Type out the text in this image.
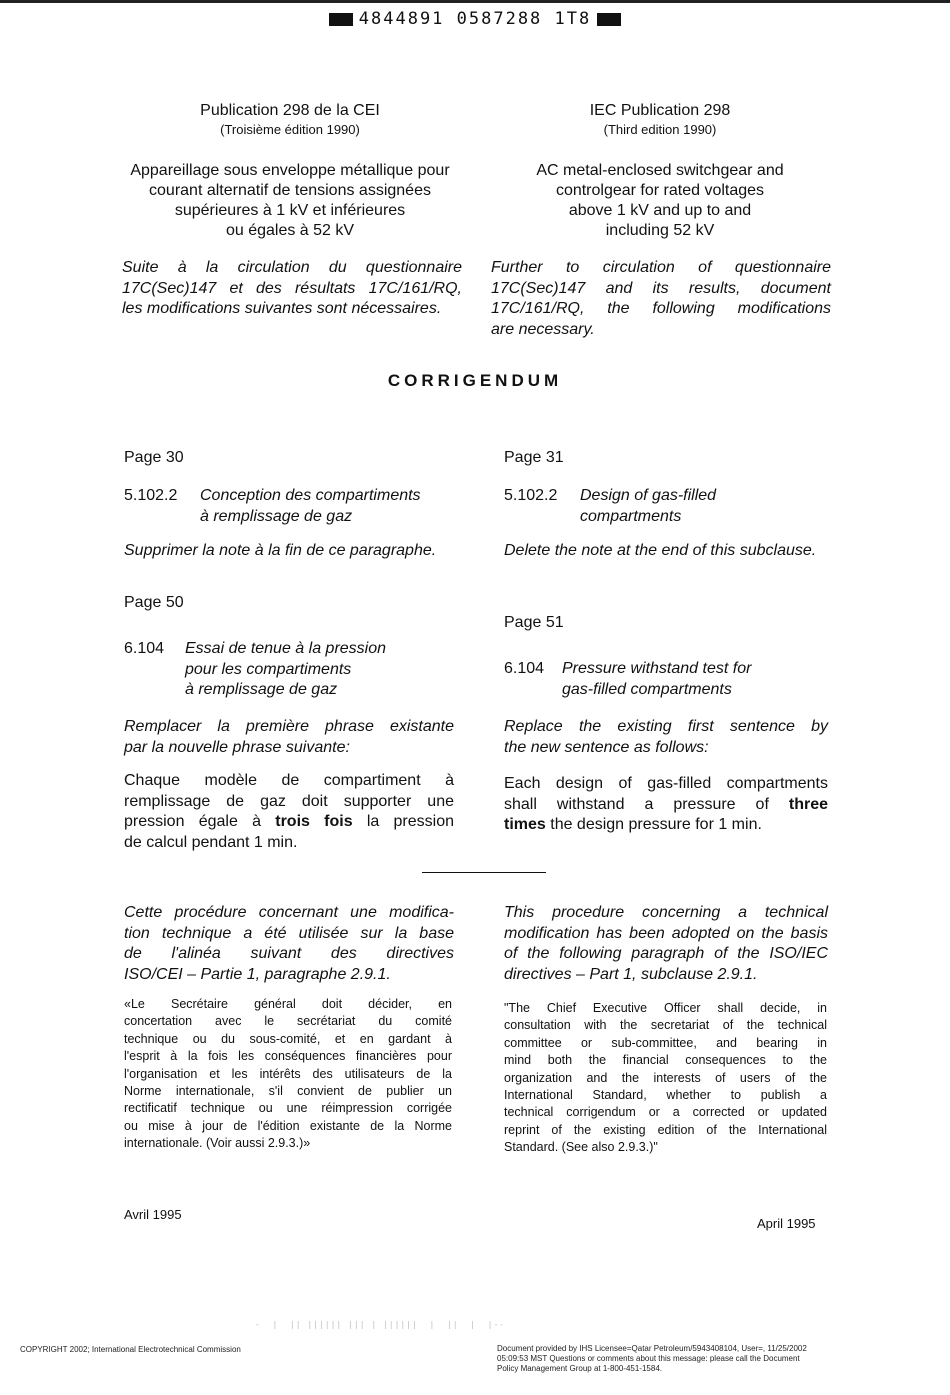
4844891 0587288 1T8
Publication 298 de la CEI
(Troisième édition 1990)
Appareillage sous enveloppe métallique pour
courant alternatif de tensions assignées
supérieures à 1 kV et inférieures
ou égales à 52 kV
IEC Publication 298
(Third edition 1990)
AC metal-enclosed switchgear and
controlgear for rated voltages
above 1 kV and up to and
including 52 kV
Suite à la circulation du questionnaire
17C(Sec)147 et des résultats 17C/161/RQ,
les modifications suivantes sont nécessaires.
Further to circulation of questionnaire
17C(Sec)147 and its results, document
17C/161/RQ, the following modifications
are necessary.
CORRIGENDUM
Page 30
5.102.2 Conception des compartiments
à remplissage de gaz
Supprimer la note à la fin de ce paragraphe.
Page 50
6.104 Essai de tenue à la pression
pour les compartiments
à remplissage de gaz
Remplacer la première phrase existante
par la nouvelle phrase suivante:
Chaque modèle de compartiment à
remplissage de gaz doit supporter une
pression égale à trois fois la pression
de calcul pendant 1 min.
Page 31
5.102.2 Design of gas-filled
compartments
Delete the note at the end of this subclause.
Page 51
6.104 Pressure withstand test for
gas-filled compartments
Replace the existing first sentence by
the new sentence as follows:
Each design of gas-filled compartments
shall withstand a pressure of three
times the design pressure for 1 min.
Cette procédure concernant une modifica-
tion technique a été utilisée sur la base
de l'alinéa suivant des directives
ISO/CEI – Partie 1, paragraphe 2.9.1.
This procedure concerning a technical
modification has been adopted on the basis
of the following paragraph of the ISO/IEC
directives – Part 1, subclause 2.9.1.
«Le Secrétaire général doit décider, en
concertation avec le secrétariat du comité
technique ou du sous-comité, et en gardant à
l'esprit à la fois les conséquences financières pour
l'organisation et les intérêts des utilisateurs de la
Norme internationale, s'il convient de publier un
rectificatif technique ou une réimpression corrigée
ou mise à jour de l'édition existante de la Norme
internationale. (Voir aussi 2.9.3.)»
"The Chief Executive Officer shall decide, in
consultation with the secretariat of the technical
committee or sub-committee, and bearing in
mind both the financial consequences to the
organization and the interests of users of the
International Standard, whether to publish a
technical corrigendum or a corrected or updated
reprint of the existing edition of the International
Standard. (See also 2.9.3.)"
Avril 1995
April 1995
-  |  || |||||| ||| | ||||||  |  ||  |  |--
COPYRIGHT 2002; International Electrotechnical Commission	Document provided by IHS Licensee=Qatar Petroleum/5943408104, User=, 11/25/2002
05:09:53 MST Questions or comments about this message: please call the Document
Policy Management Group at 1-800-451-1584.
